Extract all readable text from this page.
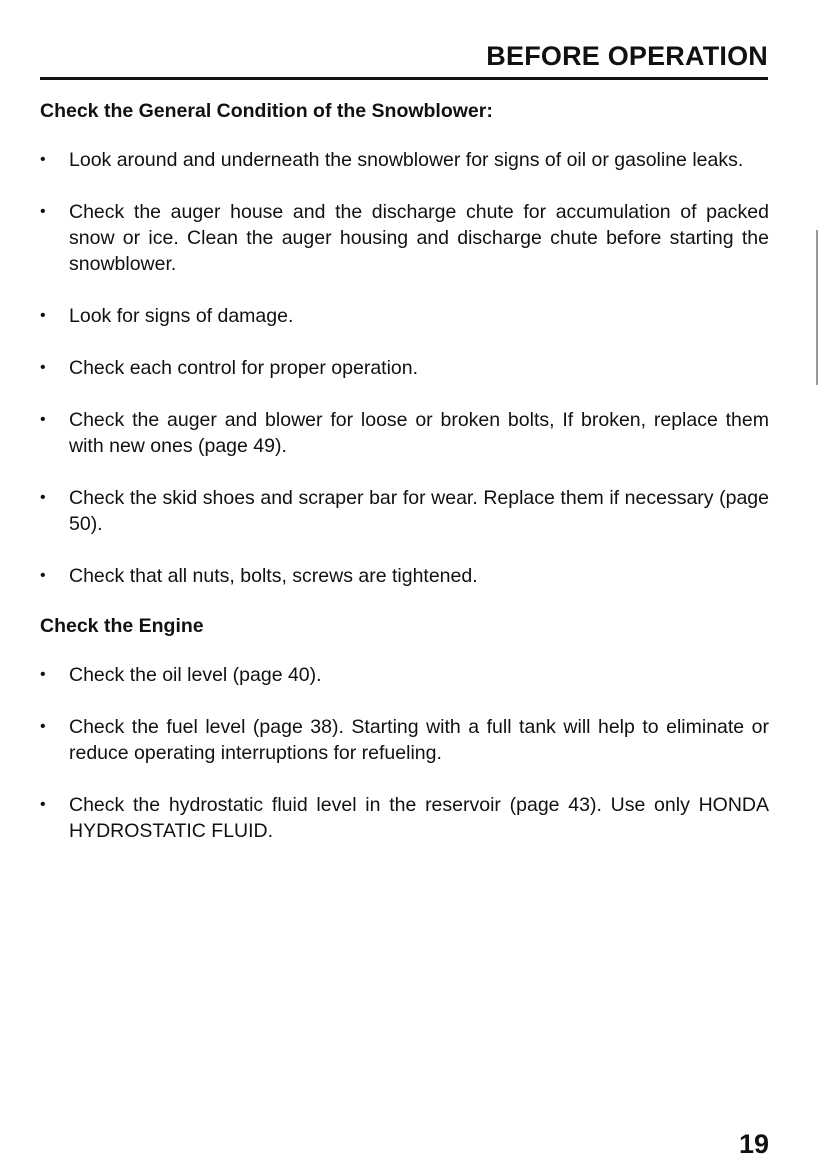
BEFORE OPERATION
Check the General Condition of the Snowblower:
•	Look around and underneath the snowblower for signs of oil or gasoline leaks.
•	Check the auger house and the discharge chute for accumulation of packed snow or ice. Clean the auger housing and discharge chute before starting the snowblower.
•	Look for signs of damage.
•	Check each control for proper operation.
•	Check the auger and blower for loose or broken bolts, If broken, replace them with new ones (page 49).
•	Check the skid shoes and scraper bar for wear. Replace them if necessary (page 50).
•	Check that all nuts, bolts, screws are tightened.
Check the Engine
•	Check the oil level (page 40).
•	Check the fuel level (page 38). Starting with a full tank will help to eliminate or reduce operating interruptions for refueling.
•	Check the hydrostatic fluid level in the reservoir (page 43). Use only HONDA HYDROSTATIC FLUID.
19
